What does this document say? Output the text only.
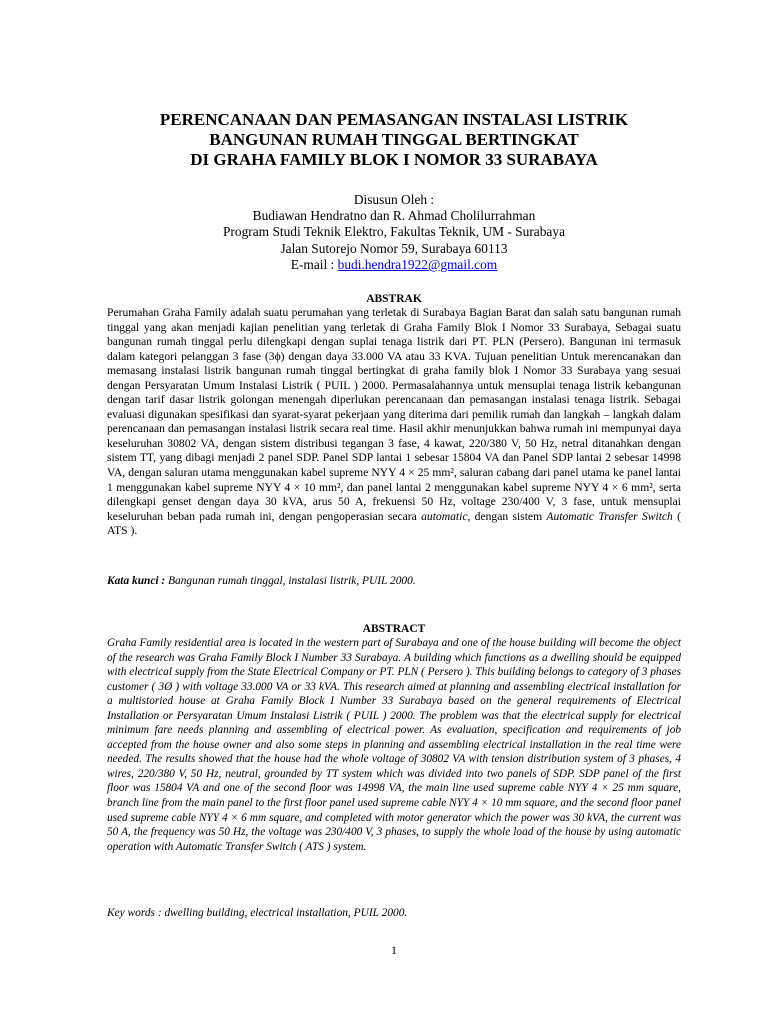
PERENCANAAN DAN PEMASANGAN INSTALASI LISTRIK
BANGUNAN RUMAH TINGGAL BERTINGKAT
DI GRAHA FAMILY BLOK I NOMOR 33 SURABAYA
Disusun Oleh :
Budiawan Hendratno dan R. Ahmad Cholilurrahman
Program Studi Teknik Elektro, Fakultas Teknik, UM - Surabaya
Jalan Sutorejo Nomor 59, Surabaya 60113
E-mail : budi.hendra1922@gmail.com
ABSTRAK

Perumahan Graha Family adalah suatu perumahan yang terletak di Surabaya Bagian Barat dan salah satu bangunan rumah tinggal yang akan menjadi kajian penelitian yang terletak di Graha Family Blok I Nomor 33 Surabaya, Sebagai suatu bangunan rumah tinggal perlu dilengkapi dengan suplai tenaga listrik dari PT. PLN (Persero). Bangunan ini termasuk dalam kategori pelanggan 3 fase (3ϕ) dengan daya 33.000 VA atau 33 KVA. Tujuan penelitian Untuk merencanakan dan memasang instalasi listrik bangunan rumah tinggal bertingkat di graha family blok I Nomor 33 Surabaya yang sesuai dengan Persyaratan Umum Instalasi Listrik ( PUIL ) 2000. Permasalahannya untuk mensuplai tenaga listrik kebangunan dengan tarif dasar listrik golongan menengah diperlukan perencanaan dan pemasangan instalasi tenaga listrik. Sebagai evaluasi digunakan spesifikasi dan syarat-syarat pekerjaan yang diterima dari pemilik rumah dan langkah – langkah dalam perencanaan dan pemasangan instalasi listrik secara real time. Hasil akhir menunjukkan bahwa rumah ini mempunyai daya keseluruhan 30802 VA, dengan sistem distribusi tegangan 3 fase, 4 kawat, 220/380 V, 50 Hz, netral ditanahkan dengan sistem TT, yang dibagi menjadi 2 panel SDP. Panel SDP lantai 1 sebesar 15804 VA dan Panel SDP lantai 2 sebesar 14998 VA, dengan saluran utama menggunakan kabel supreme NYY 4 × 25 mm², saluran cabang dari panel utama ke panel lantai 1 menggunakan kabel supreme NYY 4 × 10 mm², dan panel lantai 2 menggunakan kabel supreme NYY 4 × 6 mm², serta dilengkapi genset dengan daya 30 kVA, arus 50 A, frekuensi 50 Hz, voltage 230/400 V, 3 fase, untuk mensuplai keseluruhan beban pada rumah ini, dengan pengoperasian secara automatic, dengan sistem Automatic Transfer Switch ( ATS ).

Kata kunci : Bangunan rumah tinggal, instalasi listrik, PUIL 2000.

ABSTRACT

Graha Family residential area is located in the western part of Surabaya and one of the house building will become the object of the research was Graha Family Block I Number 33 Surabaya. A building which functions as a dwelling should be equipped with electrical supply from the State Electrical Company or PT. PLN ( Persero ). This building belongs to category of 3 phases customer ( 3Ø ) with voltage 33.000 VA or 33 kVA. This research aimed at planning and assembling electrical installation for a multistoried house at Graha Family Block I Number 33 Surabaya based on the general requirements of Electrical Installation or Persyaratan Umum Instalasi Listrik ( PUIL ) 2000. The problem was that the electrical supply for electrical minimum fare needs planning and assembling of electrical power. As evaluation, specification and requirements of job accepted from the house owner and also some steps in planning and assembling electrical installation in the real time were needed. The results showed that the house had the whole voltage of 30802 VA with tension distribution system of 3 phases, 4 wires, 220/380 V, 50 Hz, neutral, grounded by TT system which was divided into two panels of SDP. SDP panel of the first floor was 15804 VA and one of the second floor was 14998 VA, the main line used supreme cable NYY 4 × 25 mm square, branch line from the main panel to the first floor panel used supreme cable NYY 4 × 10 mm square, and the second floor panel used supreme cable NYY 4 × 6 mm square, and completed with motor generator which the power was 30 kVA, the current was 50 A, the frequency was 50 Hz, the voltage was 230/400 V, 3 phases, to supply the whole load of the house by using automatic operation with Automatic Transfer Switch ( ATS ) system.

Key words : dwelling building, electrical installation, PUIL 2000.

1
